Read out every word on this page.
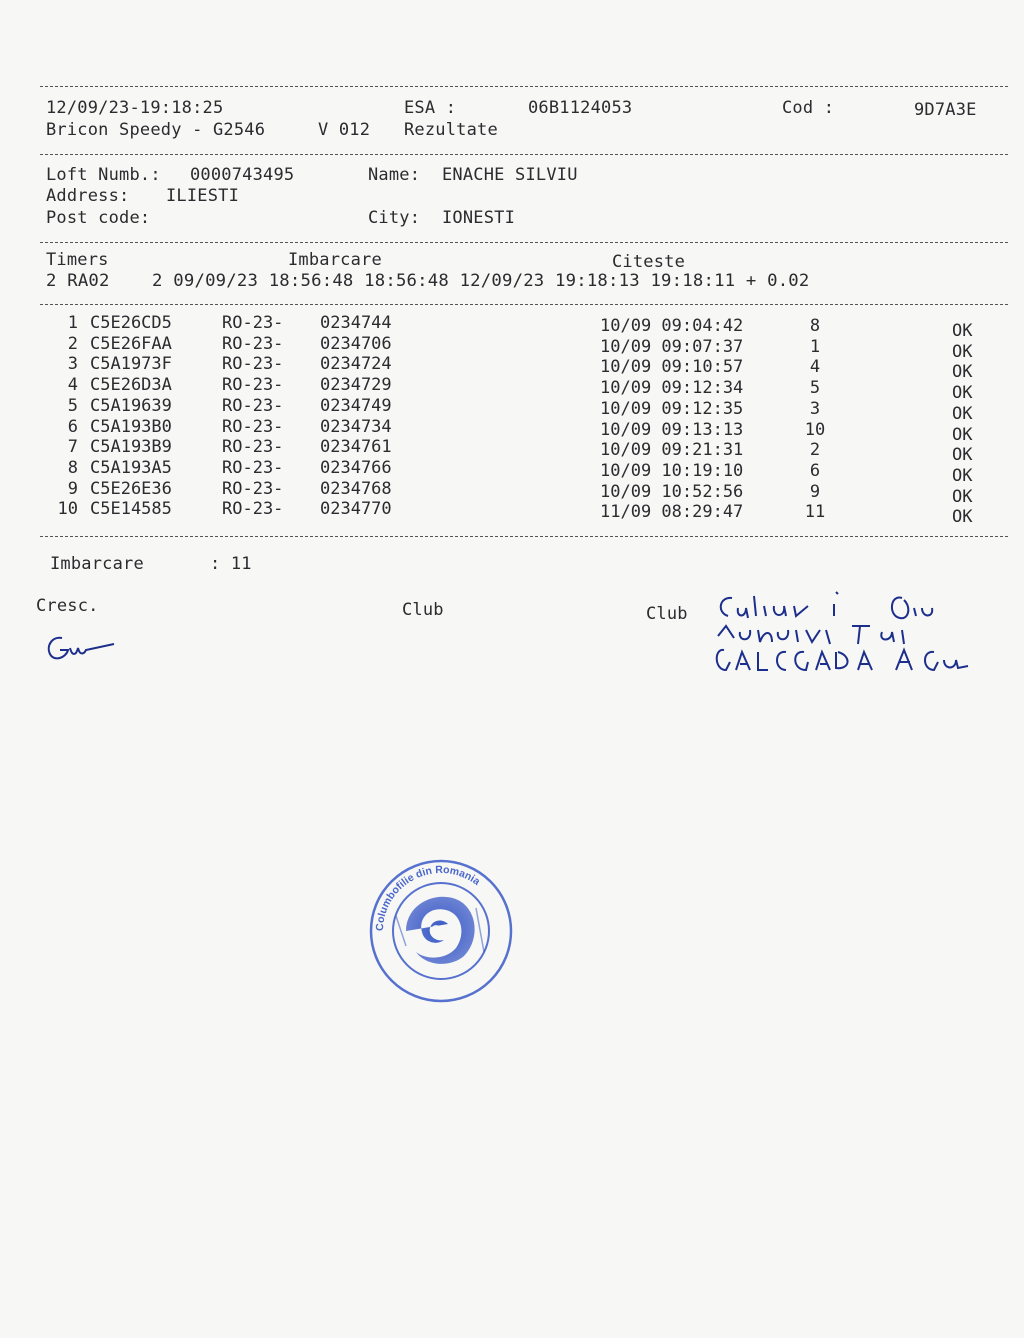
12/09/23-19:18:25	ESA :	06B1124053	Cod :	9D7A3E
Bricon Speedy - G2546	V 012 Rezultate
Loft Numb.: 0000743495	Name: ENACHE SILVIU
Address: ILIESTI
Post code:	City: IONESTI
Timers	Imbarcare	Citeste
2 RA02    2 09/09/23 18:56:48 18:56:48 12/09/23 19:18:13 19:18:11 + 0.02
1 C5E26CD5	RO-23- 0234744	10/09 09:04:42	8	OK
2 C5E26FAA	RO-23- 0234706	10/09 09:07:37	1	OK
3 C5A1973F	RO-23- 0234724	10/09 09:10:57	4	OK
4 C5E26D3A	RO-23- 0234729	10/09 09:12:34	5	OK
5 C5A19639	RO-23- 0234749	10/09 09:12:35	3	OK
6 C5A193B0	RO-23- 0234734	10/09 09:13:13	10	OK
7 C5A193B9	RO-23- 0234761	10/09 09:21:31	2	OK
8 C5A193A5	RO-23- 0234766	10/09 10:19:10	6	OK
9 C5E26E36	RO-23- 0234768	10/09 10:52:56	9	OK
10 C5E14585	RO-23- 0234770	11/09 08:29:47	11	OK
Imbarcare	: 11
Cresc.	Club	Club
Columbofilie din Romania
